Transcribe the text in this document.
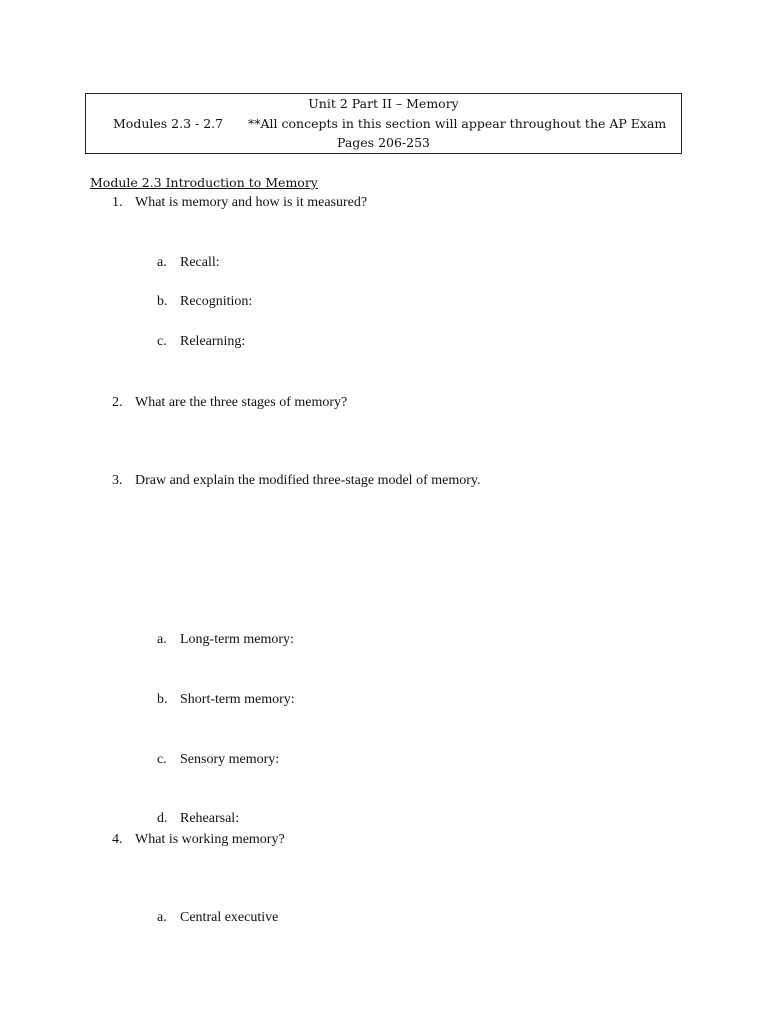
Unit 2 Part II – Memory
Modules 2.3 - 2.7 **All concepts in this section will appear throughout the AP Exam
Pages 206-253
Module 2.3 Introduction to Memory
1. What is memory and how is it measured?
a. Recall:
b. Recognition:
c. Relearning:
2. What are the three stages of memory?
3. Draw and explain the modified three-stage model of memory.
a. Long-term memory:
b. Short-term memory:
c. Sensory memory:
d. Rehearsal:
4. What is working memory?
a. Central executive
